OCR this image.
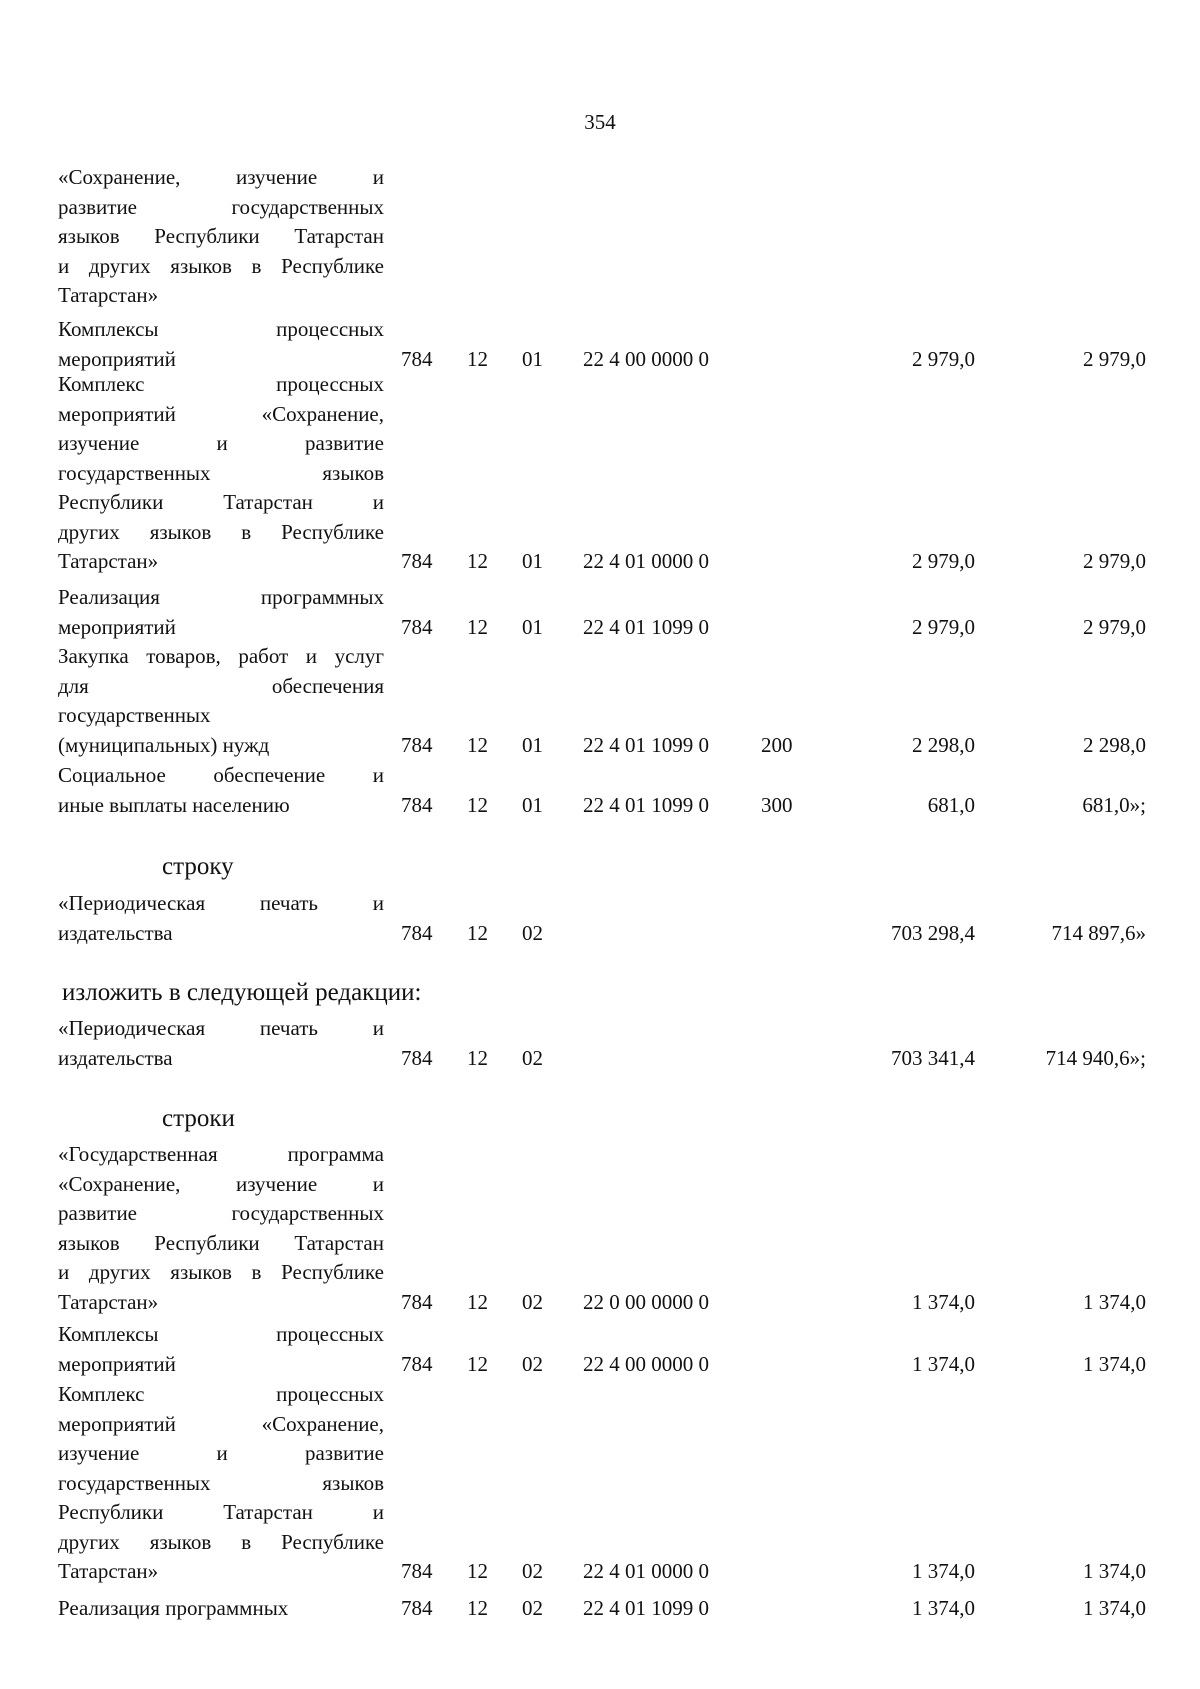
354
«Сохранение, изучение и
развитие государственных
языков Республики Татарстан
и других языков в Республике
Татарстан»
Комплексы процессных
мероприятий	784 12 01 22 4 00 0000 0	2 979,0	2 979,0
Комплекс процессных
мероприятий «Сохранение,
изучение и развитие
государственных языков
Республики Татарстан и
других языков в Республике
Татарстан»	784 12 01 22 4 01 0000 0	2 979,0	2 979,0
Реализация программных
мероприятий	784 12 01 22 4 01 1099 0	2 979,0	2 979,0
Закупка товаров, работ и услуг
для обеспечения
государственных
(муниципальных) нужд	784 12 01 22 4 01 1099 0 200	2 298,0	2 298,0
Социальное обеспечение и
иные выплаты населению	784 12 01 22 4 01 1099 0 300	681,0	681,0»;
строку
«Периодическая печать и
издательства	784 12 02	703 298,4	714 897,6»
изложить в следующей редакции:
«Периодическая печать и
издательства	784 12 02	703 341,4	714 940,6»;
строки
«Государственная программа
«Сохранение, изучение и
развитие государственных
языков Республики Татарстан
и других языков в Республике
Татарстан»	784 12 02 22 0 00 0000 0	1 374,0	1 374,0
Комплексы процессных
мероприятий	784 12 02 22 4 00 0000 0	1 374,0	1 374,0
Комплекс процессных
мероприятий «Сохранение,
изучение и развитие
государственных языков
Республики Татарстан и
других языков в Республике
Татарстан»	784 12 02 22 4 01 0000 0	1 374,0	1 374,0
Реализация программных	784 12 02 22 4 01 1099 0	1 374,0	1 374,0
